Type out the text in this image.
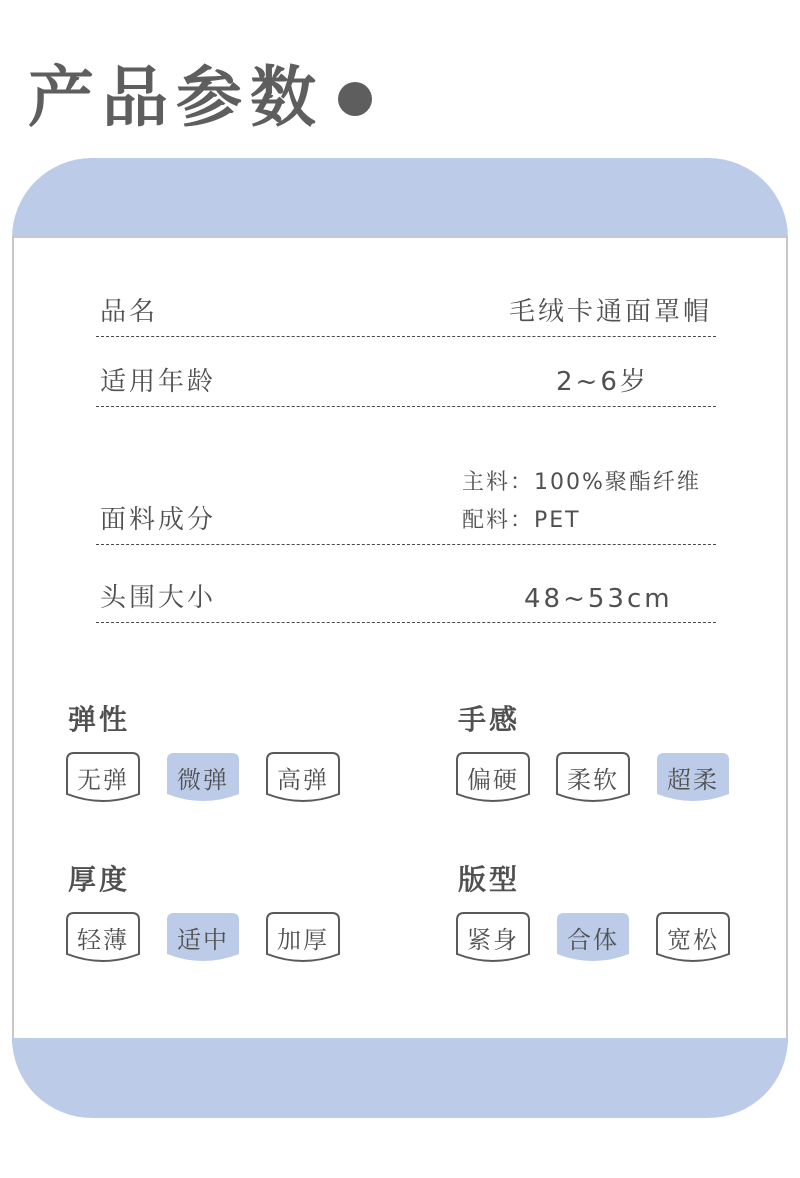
产品参数
品名	毛绒卡通面罩帽
适用年龄	2~6岁
面料成分
主料：100%聚酯纤维
配料：PET
头围大小	48~53cm
弹性	手感
厚度	版型
无弹	微弹	高弹	偏硬	柔软	超柔
轻薄	适中	加厚	紧身	合体	宽松
